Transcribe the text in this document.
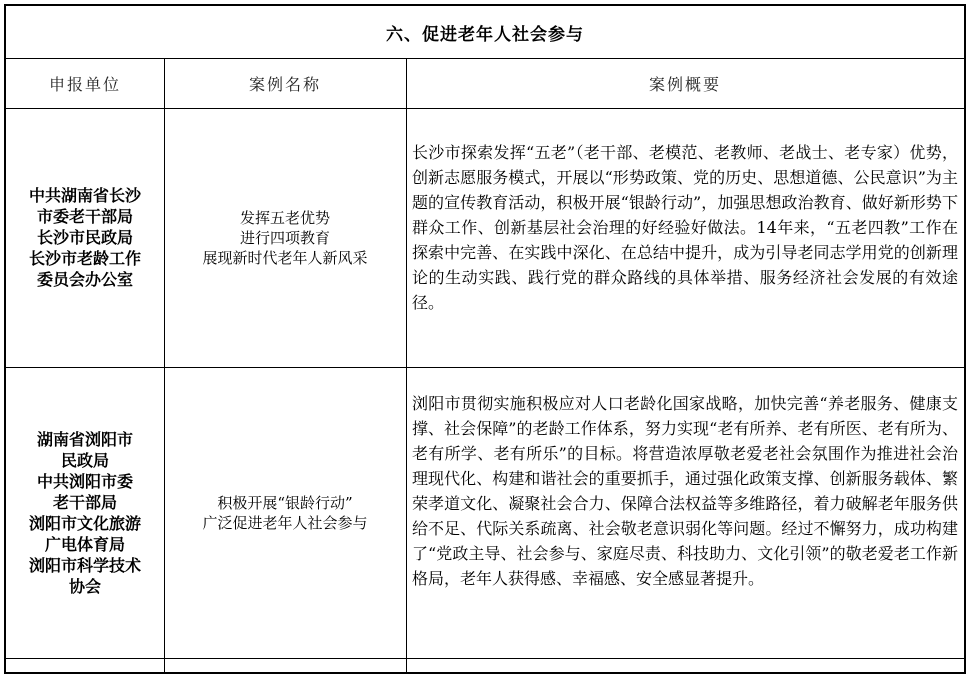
六、促进老年人社会参与
申报单位	案例名称	案例概要
中共湖南省长沙
市委老干部局
长沙市民政局
长沙市老龄工作
委员会办公室
发挥五老优势
进行四项教育
展现新时代老年人新风采
长沙市探索发挥“五老”（老干部、老模范、老教师、老战士、老专家）优势，创新志愿服务模式，开展以“形势政策、党的历史、思想道德、公民意识”为主题的宣传教育活动，积极开展“银龄行动”，加强思想政治教育、做好新形势下群众工作、创新基层社会治理的好经验好做法。14年来，“五老四教”工作在探索中完善、在实践中深化、在总结中提升，成为引导老同志学用党的创新理论的生动实践、践行党的群众路线的具体举措、服务经济社会发展的有效途径。
湖南省浏阳市
民政局
中共浏阳市委
老干部局
浏阳市文化旅游
广电体育局
浏阳市科学技术
协会
积极开展“银龄行动”
广泛促进老年人社会参与
浏阳市贯彻实施积极应对人口老龄化国家战略，加快完善“养老服务、健康支撑、社会保障”的老龄工作体系，努力实现“老有所养、老有所医、老有所为、老有所学、老有所乐”的目标。将营造浓厚敬老爱老社会氛围作为推进社会治理现代化、构建和谐社会的重要抓手，通过强化政策支撑、创新服务载体、繁荣孝道文化、凝聚社会合力、保障合法权益等多维路径，着力破解老年服务供给不足、代际关系疏离、社会敬老意识弱化等问题。经过不懈努力，成功构建了“党政主导、社会参与、家庭尽责、科技助力、文化引领”的敬老爱老工作新格局，老年人获得感、幸福感、安全感显著提升。
